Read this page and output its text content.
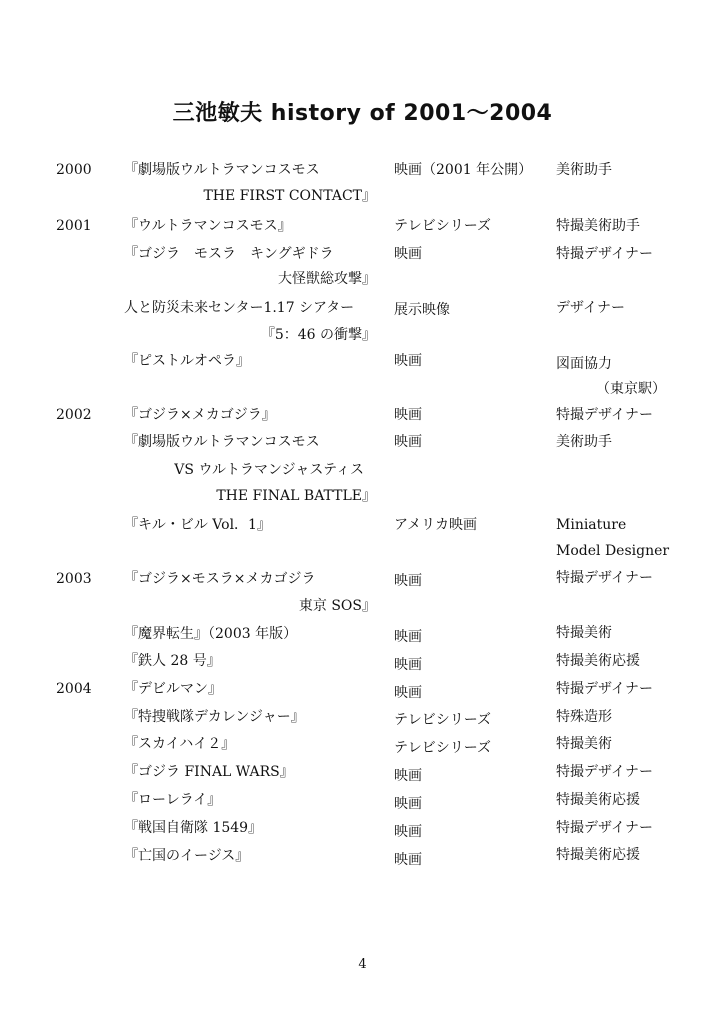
三池敏夫 history of 2001～2004
2000 『劇場版ウルトラマンコスモス
THE FIRST CONTACT』
映画（2001 年公開） 美術助手
2001 『ウルトラマンコスモス』	テレビシリーズ	特撮美術助手
『ゴジラ　モスラ　キングギドラ
大怪獣総攻撃』
映画	特撮デザイナー
人と防災未来センター1.17 シアター
『5：46 の衝撃』
展示映像	デザイナー
『ピストルオペラ』	映画	図面協力
（東京駅）
2002 『ゴジラ×メカゴジラ』	映画	特撮デザイナー
『劇場版ウルトラマンコスモス
VS ウルトラマンジャスティス
THE FINAL BATTLE』
映画	美術助手
『キル・ビル Vol．1』	アメリカ映画	Miniature
Model Designer
2003 『ゴジラ×モスラ×メカゴジラ
東京 SOS』
映画	特撮デザイナー
『魔界転生』（2003 年版）	映画	特撮美術
『鉄人 28 号』	映画	特撮美術応援
2004 『デビルマン』	映画	特撮デザイナー
『特捜戦隊デカレンジャー』	テレビシリーズ	特殊造形
『スカイハイ２』	テレビシリーズ	特撮美術
『ゴジラ FINAL WARS』	映画	特撮デザイナー
『ローレライ』	映画	特撮美術応援
『戦国自衛隊 1549』	映画	特撮デザイナー
『亡国のイージス』	映画	特撮美術応援
4
